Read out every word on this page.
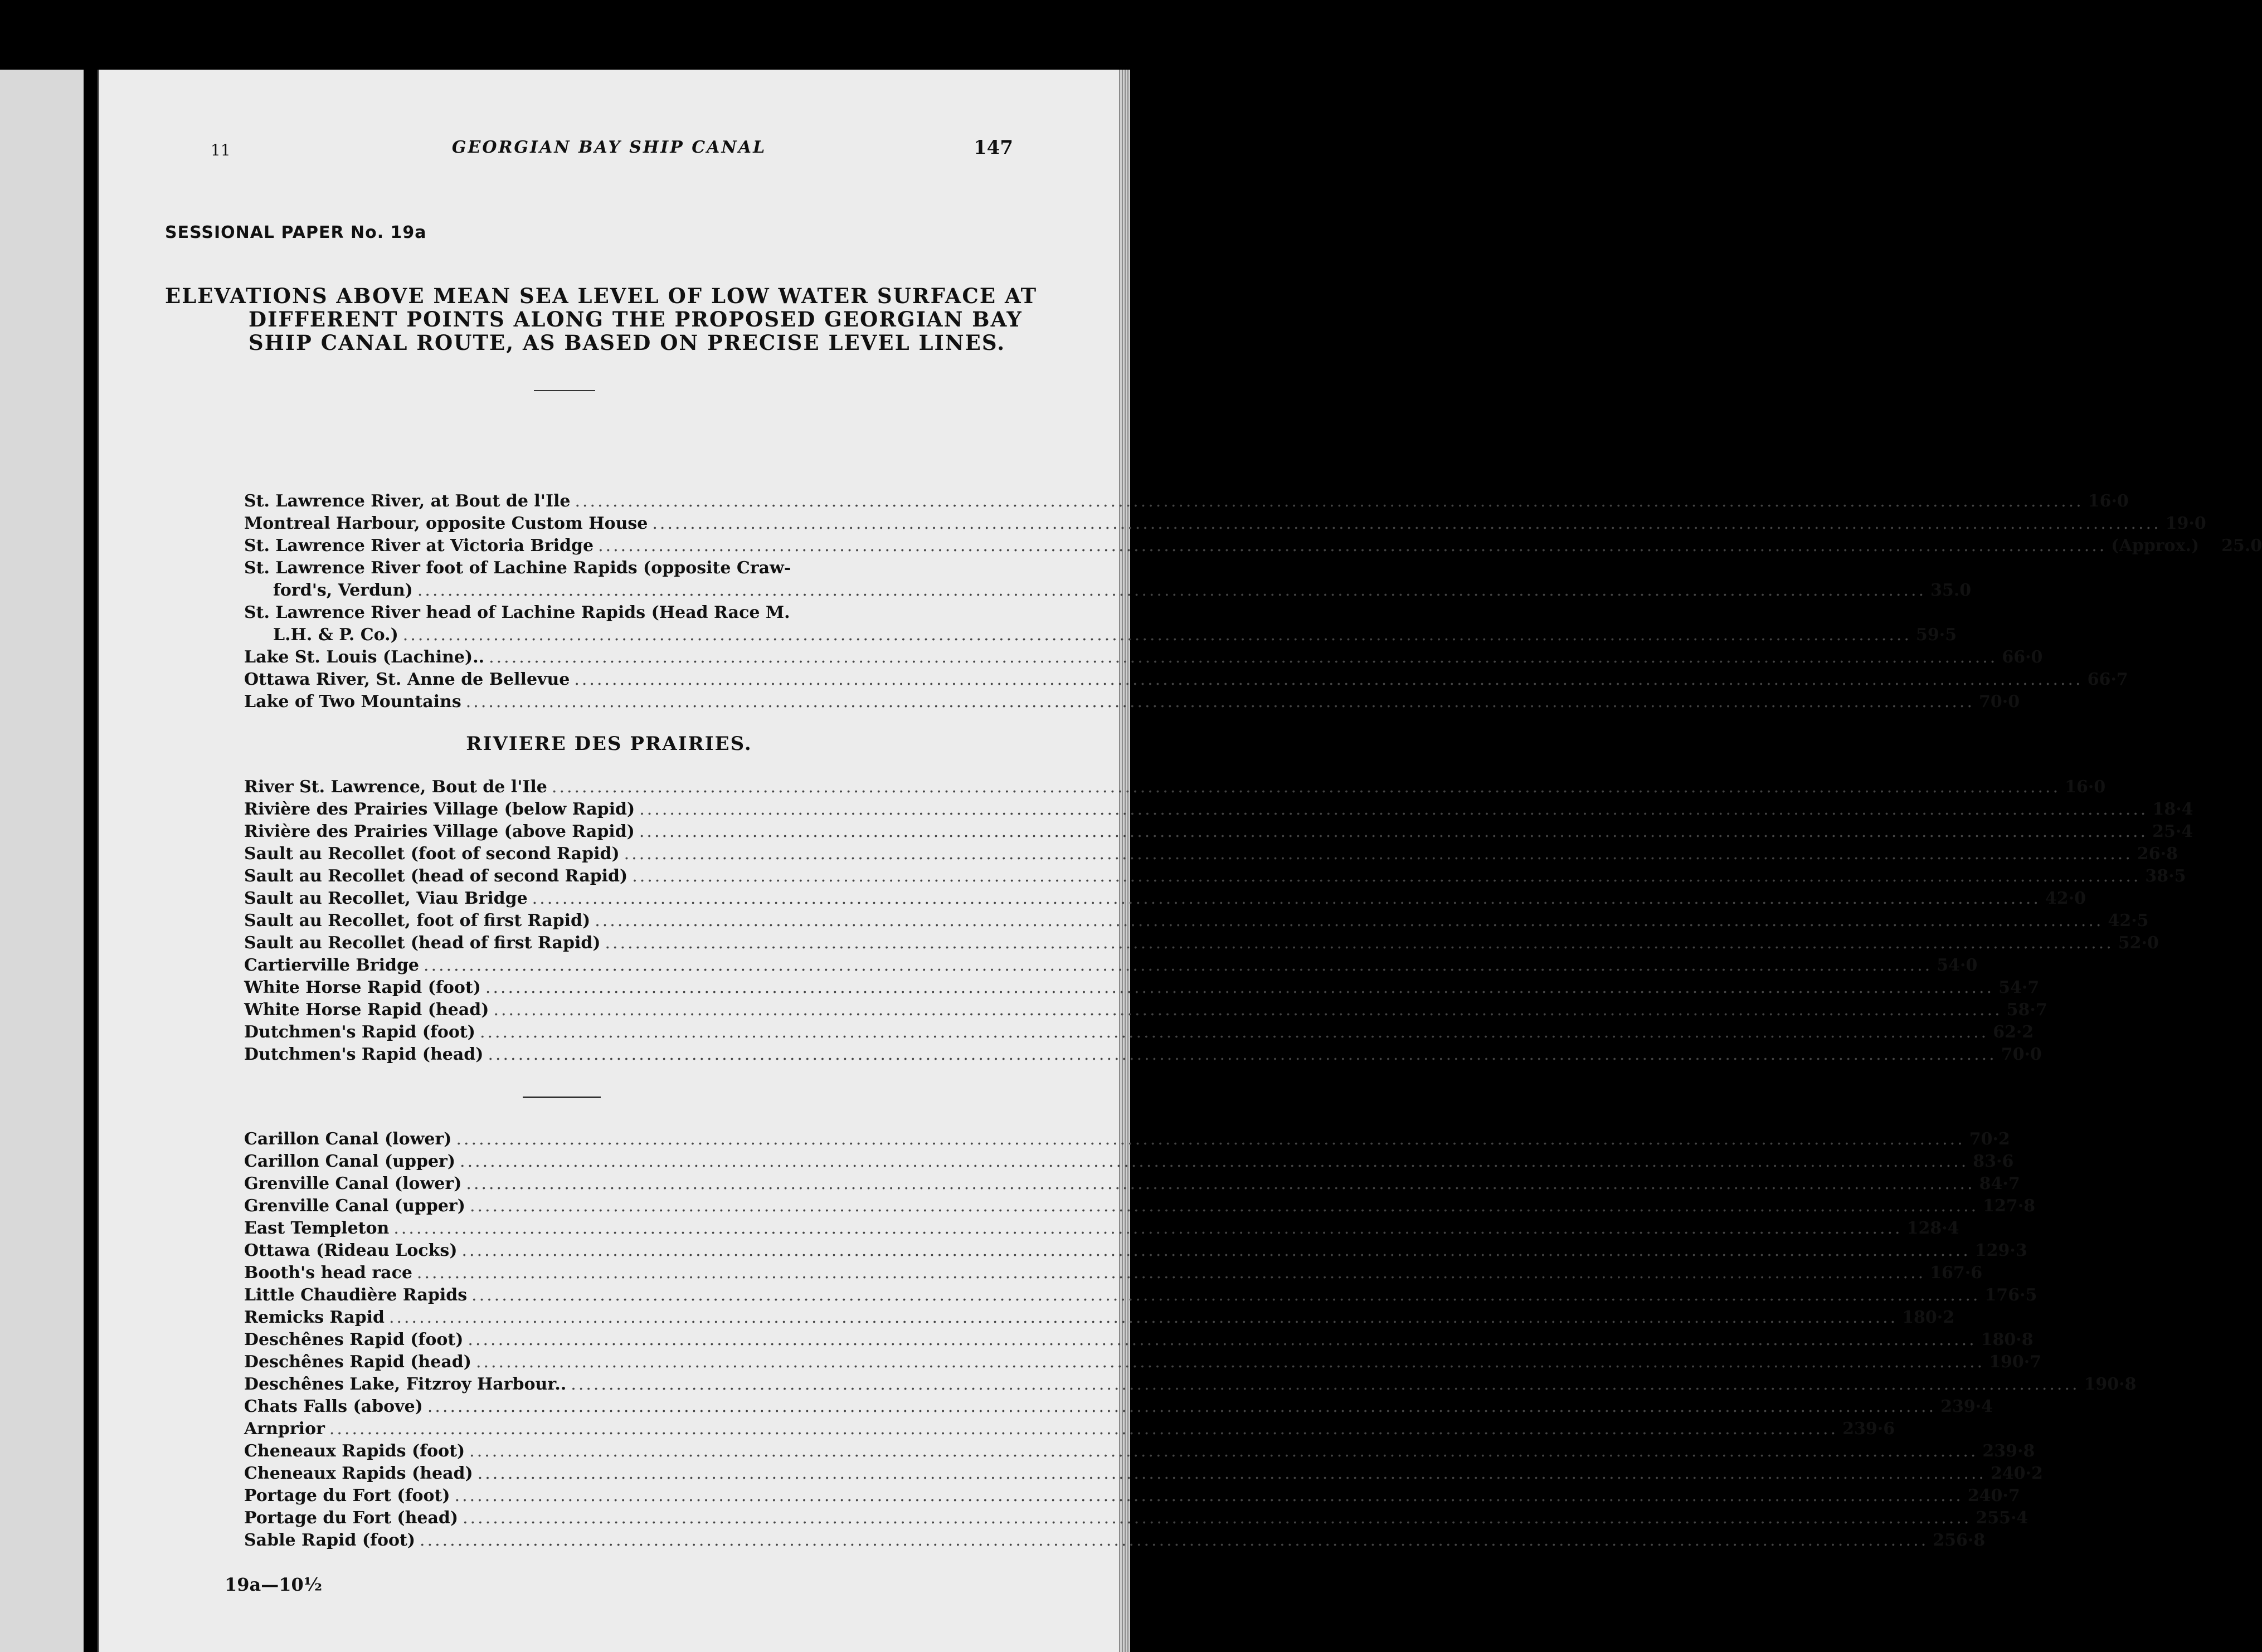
11	GEORGIAN BAY SHIP CANAL	147
SESSIONAL PAPER No. 19a
ELEVATIONS ABOVE MEAN SEA LEVEL OF LOW WATER SURFACE AT
DIFFERENT POINTS ALONG THE PROPOSED GEORGIAN BAY
SHIP CANAL ROUTE, AS BASED ON PRECISE LEVEL LINES.
St. Lawrence River, at Bout de l'Ile ........................................................................................................................................................................................................ 16·0
Montreal Harbour, opposite Custom House ........................................................................................................................................................................................................ 19·0
St. Lawrence River at Victoria Bridge ........................................................................................................................................................................................................ (Approx.) 25.0
St. Lawrence River foot of Lachine Rapids (opposite Craw-
ford's, Verdun) ........................................................................................................................................................................................................ 35.0
St. Lawrence River head of Lachine Rapids (Head Race M.
L.H. & P. Co.) ........................................................................................................................................................................................................ 59·5
Lake St. Louis (Lachine).. ........................................................................................................................................................................................................ 66·0
Ottawa River, St. Anne de Bellevue ........................................................................................................................................................................................................ 66·7
Lake of Two Mountains ........................................................................................................................................................................................................ 70·0
RIVIERE DES PRAIRIES.
River St. Lawrence, Bout de l'Ile ........................................................................................................................................................................................................ 16·0
Rivière des Prairies Village (below Rapid) ........................................................................................................................................................................................................ 18·4
Rivière des Prairies Village (above Rapid) ........................................................................................................................................................................................................ 25·4
Sault au Recollet (foot of second Rapid) ........................................................................................................................................................................................................ 26·8
Sault au Recollet (head of second Rapid) ........................................................................................................................................................................................................ 38·5
Sault au Recollet, Viau Bridge ........................................................................................................................................................................................................ 42·0
Sault au Recollet, foot of first Rapid) ........................................................................................................................................................................................................ 42·5
Sault au Recollet (head of first Rapid) ........................................................................................................................................................................................................ 52·0
Cartierville Bridge ........................................................................................................................................................................................................ 54·0
White Horse Rapid (foot) ........................................................................................................................................................................................................ 54·7
White Horse Rapid (head) ........................................................................................................................................................................................................ 58·7
Dutchmen's Rapid (foot) ........................................................................................................................................................................................................ 62·2
Dutchmen's Rapid (head) ........................................................................................................................................................................................................ 70·0
Carillon Canal (lower) ........................................................................................................................................................................................................ 70·2
Carillon Canal (upper) ........................................................................................................................................................................................................ 83·6
Grenville Canal (lower) ........................................................................................................................................................................................................ 84·7
Grenville Canal (upper) ........................................................................................................................................................................................................ 127·8
East Templeton ........................................................................................................................................................................................................ 128·4
Ottawa (Rideau Locks) ........................................................................................................................................................................................................ 129·3
Booth's head race ........................................................................................................................................................................................................ 167·6
Little Chaudière Rapids ........................................................................................................................................................................................................ 176·5
Remicks Rapid ........................................................................................................................................................................................................ 180·2
Deschênes Rapid (foot) ........................................................................................................................................................................................................ 180·8
Deschênes Rapid (head) ........................................................................................................................................................................................................ 190·7
Deschênes Lake, Fitzroy Harbour.. ........................................................................................................................................................................................................ 190·8
Chats Falls (above) ........................................................................................................................................................................................................ 239·4
Arnprior ........................................................................................................................................................................................................ 239·6
Cheneaux Rapids (foot) ........................................................................................................................................................................................................ 239·8
Cheneaux Rapids (head) ........................................................................................................................................................................................................ 240·2
Portage du Fort (foot) ........................................................................................................................................................................................................ 240·7
Portage du Fort (head) ........................................................................................................................................................................................................ 255·4
Sable Rapid (foot) ........................................................................................................................................................................................................ 256·8
19a—10½
